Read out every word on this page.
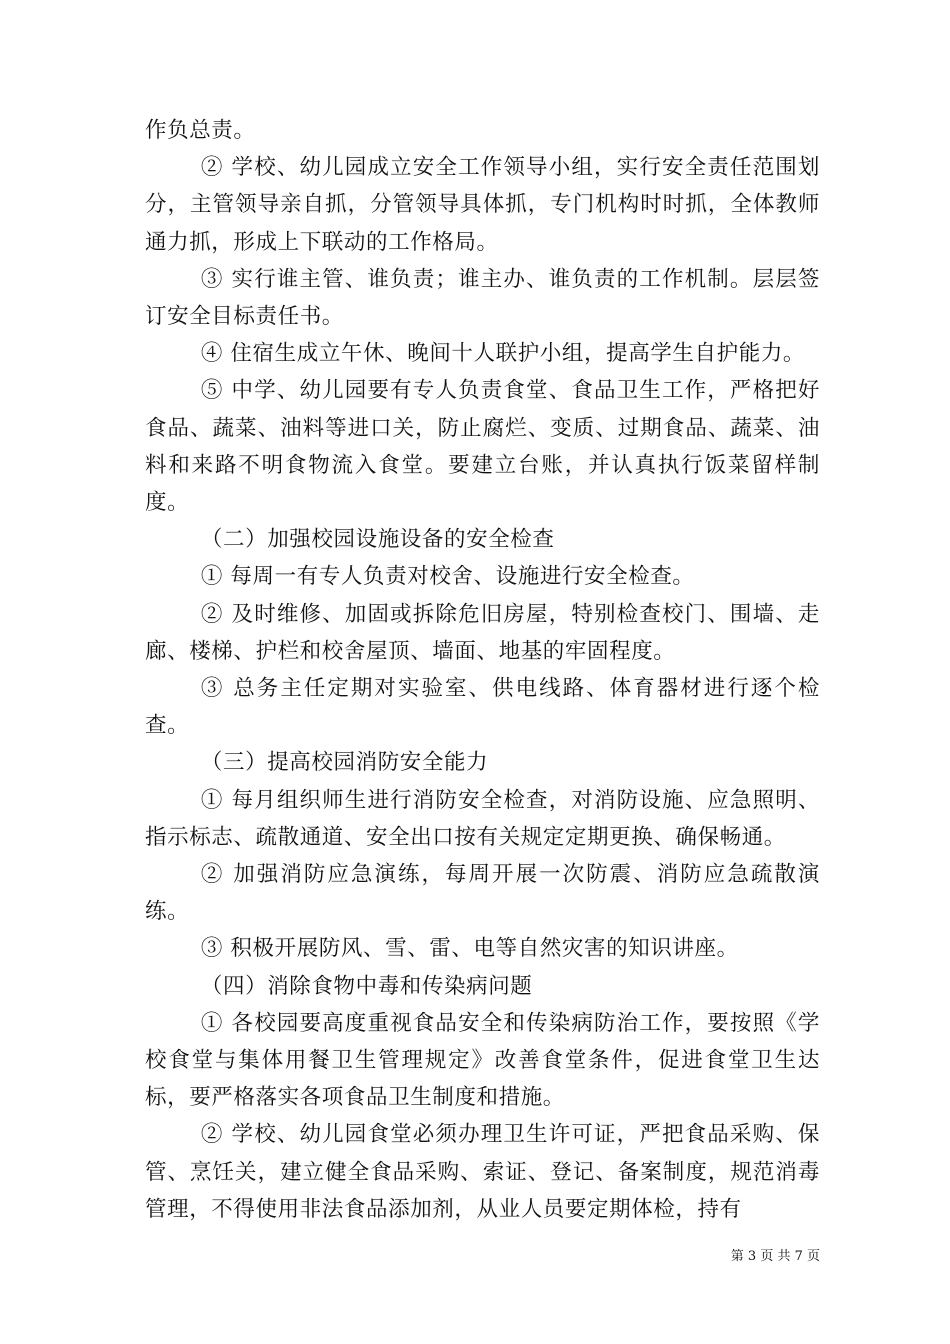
作负总责。

② 学校、幼儿园成立安全工作领导小组，实行安全责任范围划分，主管领导亲自抓，分管领导具体抓，专门机构时时抓，全体教师通力抓，形成上下联动的工作格局。

③ 实行谁主管、谁负责；谁主办、谁负责的工作机制。层层签订安全目标责任书。

④ 住宿生成立午休、晚间十人联护小组，提高学生自护能力。

⑤ 中学、幼儿园要有专人负责食堂、食品卫生工作，严格把好食品、蔬菜、油料等进口关，防止腐烂、变质、过期食品、蔬菜、油料和来路不明食物流入食堂。要建立台账，并认真执行饭菜留样制度。

（二）加强校园设施设备的安全检查

① 每周一有专人负责对校舍、设施进行安全检查。

② 及时维修、加固或拆除危旧房屋，特别检查校门、围墙、走廊、楼梯、护栏和校舍屋顶、墙面、地基的牢固程度。

③ 总务主任定期对实验室、供电线路、体育器材进行逐个检查。

（三）提高校园消防安全能力

① 每月组织师生进行消防安全检查，对消防设施、应急照明、指示标志、疏散通道、安全出口按有关规定定期更换、确保畅通。

② 加强消防应急演练，每周开展一次防震、消防应急疏散演练。

③ 积极开展防风、雪、雷、电等自然灾害的知识讲座。

（四）消除食物中毒和传染病问题

① 各校园要高度重视食品安全和传染病防治工作，要按照《学校食堂与集体用餐卫生管理规定》改善食堂条件，促进食堂卫生达标，要严格落实各项食品卫生制度和措施。

② 学校、幼儿园食堂必须办理卫生许可证，严把食品采购、保管、烹饪关，建立健全食品采购、索证、登记、备案制度，规范消毒管理，不得使用非法食品添加剂，从业人员要定期体检，持有

第 3 页 共 7 页
